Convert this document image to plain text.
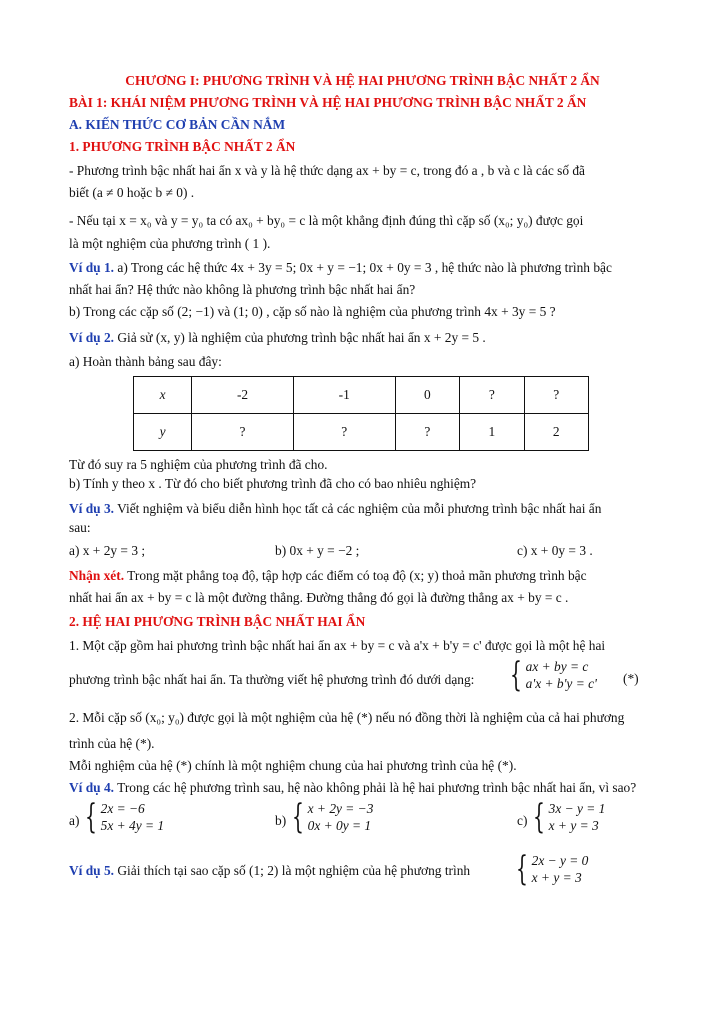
CHƯƠNG I: PHƯƠNG TRÌNH VÀ HỆ HAI PHƯƠNG TRÌNH BẬC NHẤT 2 ẨN
BÀI 1: KHÁI NIỆM PHƯƠNG TRÌNH VÀ HỆ HAI PHƯƠNG TRÌNH BẬC NHẤT 2 ẨN
A. KIẾN THỨC CƠ BẢN CẦN NẮM
1. PHƯƠNG TRÌNH BẬC NHẤT 2 ẨN
- Phương trình bậc nhất hai ẩn x và y là hệ thức dạng ax + by = c, trong đó a , b và c là các số đã
biết (a ≠ 0 hoặc b ≠ 0) .
- Nếu tại x = x₀ và y = y₀ ta có ax₀ + by₀ = c là một khẳng định đúng thì cặp số (x₀; y₀) được gọi
là một nghiệm của phương trình ( 1 ).
Ví dụ 1. a) Trong các hệ thức 4x + 3y = 5; 0x + y = −1; 0x + 0y = 3 , hệ thức nào là phương trình bậc
nhất hai ẩn? Hệ thức nào không là phương trình bậc nhất hai ẩn?
b) Trong các cặp số (2; −1) và (1; 0) , cặp số nào là nghiệm của phương trình 4x + 3y = 5 ?
Ví dụ 2. Giả sử (x, y) là nghiệm của phương trình bậc nhất hai ẩn x + 2y = 5 .
a) Hoàn thành bảng sau đây:
x	-2	-1	0	?	?
y	?	?	?	1	2
Từ đó suy ra 5 nghiệm của phương trình đã cho.
b) Tính y theo x . Từ đó cho biết phương trình đã cho có bao nhiêu nghiệm?
Ví dụ 3. Viết nghiệm và biểu diễn hình học tất cả các nghiệm của mỗi phương trình bậc nhất hai ẩn
sau:
a) x + 2y = 3 ;	b) 0x + y = −2 ;	c) x + 0y = 3 .
Nhận xét. Trong mặt phẳng toạ độ, tập hợp các điểm có toạ độ (x; y) thoả mãn phương trình bậc
nhất hai ẩn ax + by = c là một đường thẳng. Đường thẳng đó gọi là đường thẳng ax + by = c .
2. HỆ HAI PHƯƠNG TRÌNH BẬC NHẤT HAI ẨN
1. Một cặp gồm hai phương trình bậc nhất hai ẩn ax + by = c và a'x + b'y = c' được gọi là một hệ hai
phương trình bậc nhất hai ẩn. Ta thường viết hệ phương trình đó dưới dạng: { ax + by = c
a'x + b'y = c' (*)
2. Mỗi cặp số (x₀; y₀) được gọi là một nghiệm của hệ (*) nếu nó đồng thời là nghiệm của cả hai phương
trình của hệ (*).
Mỗi nghiệm của hệ (*) chính là một nghiệm chung của hai phương trình của hệ (*).
Ví dụ 4. Trong các hệ phương trình sau, hệ nào không phải là hệ hai phương trình bậc nhất hai ẩn, vì sao?
a) { 2x = −6
5x + 4y = 1	b) { x + 2y = −3
0x + 0y = 1	c) { 3x − y = 1
x + y = 3
Ví dụ 5. Giải thích tại sao cặp số (1; 2) là một nghiệm của hệ phương trình { 2x − y = 0
x + y = 3
